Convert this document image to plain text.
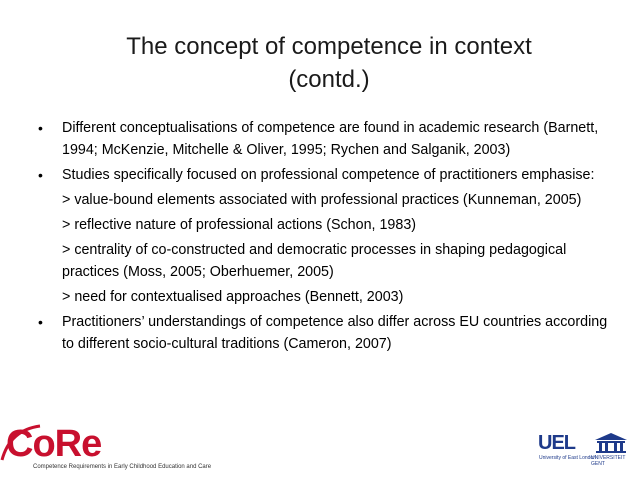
The concept of competence in context
(contd.)
• Different conceptualisations of competence are found in academic research (Barnett, 1994; McKenzie, Mitchelle & Oliver, 1995; Rychen and Salganik, 2003)
• Studies specifically focused on professional competence of practitioners emphasise:
> value-bound elements associated with professional practices (Kunneman, 2005)
> reflective nature of professional actions (Schon, 1983)
> centrality of co-constructed and democratic processes in shaping pedagogical practices (Moss, 2005; Oberhuemer, 2005)
> need for contextualised approaches (Bennett, 2003)
• Practitioners’ understandings of competence also differ across EU countries according to different socio-cultural traditions (Cameron, 2007)
CoRe
Competence Requirements in Early Childhood Education and Care
UEL
University of East London
UNIVERSITEIT GENT
